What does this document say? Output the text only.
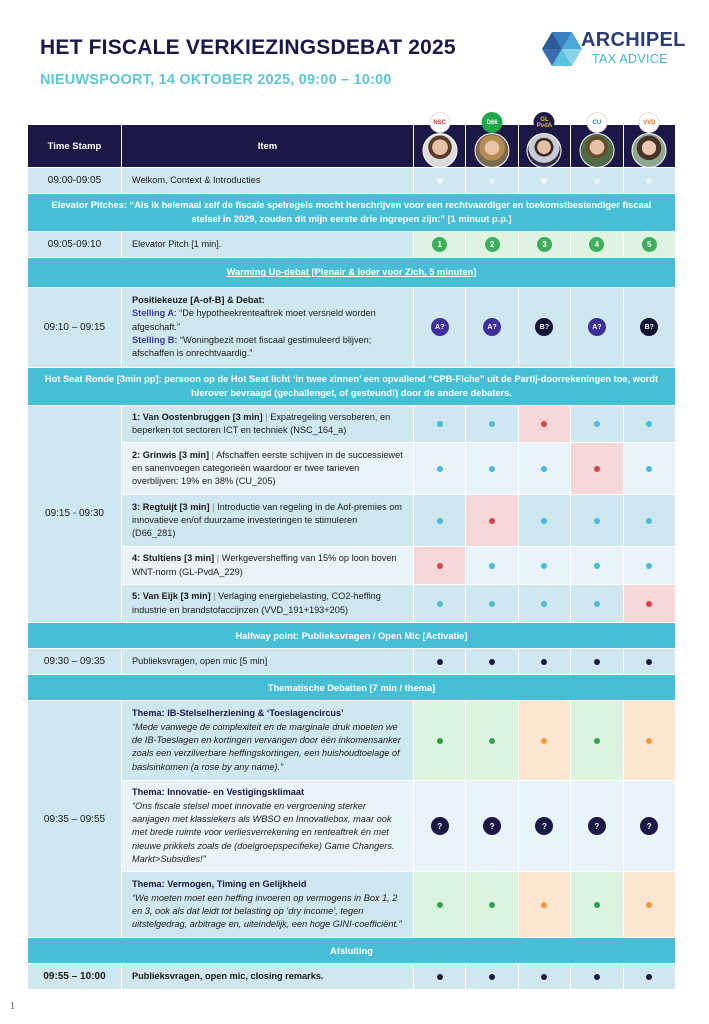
HET FISCALE VERKIEZINGSDEBAT 2025
NIEUWSPOORT, 14 OKTOBER 2025, 09:00 – 10:00
ARCHIPEL
TAX ADVICE
Time Stamp	Item	NSC	D66	GL PvdA	CU	VVD

09:00-09:05	Welkom, Context & Introducties					
Elevator Pitches: “Als ik helemaal zelf de fiscale spelregels mocht herschrijven voor een rechtvaardiger en toekomstbestendiger fiscaal stelsel in 2029, zouden dit mijn eerste drie ingrepen zijn:” [1 minuut p.p.]						
09:05-09:10	Elevator Pitch [1 min].	1	2	3	4	5
Warming Up-debat [Plenair & Ieder voor Zich, 5 minuten]						
09:10 – 09:15	Positiekeuze [A-of-B] & Debat:
Stelling A: “De hypotheekrenteaftrek moet versneld worden afgeschaft.”
Stelling B: “Woningbezit moet fiscaal gestimuleerd blijven; afschaffen is onrechtvaardig.”	A?	A?	B?	A?	B?
Hot Seat Ronde [3min pp]: persoon op de Hot Seat licht ‘in twee zinnen’ een opvallend “CPB-Fiche” uit de Partij-doorrekeningen toe, wordt hierover bevraagd (gechallenget, of gesteund!) door de andere debaters.						
09:15 - 09:30	1: Van Oostenbruggen [3 min] | Expatregeling versoberen, en beperken tot sectoren ICT en techniek (NSC_164_a)					
	2: Grinwis [3 min] | Afschaffen eerste schijven in de successiewet en sanenvoegen categorieën waardoor er twee tarieven overblijven: 19% en 38% (CU_205)					
	3: Regtuijt [3 min] | Introductie van regeling in de Aof-premies om innovatieve en/of duurzame investeringen te stimuleren (D66_281)					
	4: Stultiens [3 min] | Werkgeversheffing van 15% op loon boven WNT-norm (GL-PvdA_229)					
	5: Van Eijk [3 min] | Verlaging energiebelasting, CO2-heffing industrie en brandstofaccijnzen (VVD_191+193+205)					
Halfway point: Publieksvragen / Open Mic [Activatie]						
09:30 – 09:35	Publieksvragen, open mic [5 min]					
Thematische Debatten [7 min / thema]						
09:35 – 09:55	Thema: IB-Stelselherziening & ‘Toeslagencircus’
“Mede vanwege de complexiteit en de marginale druk moeten we de IB-Toeslagen en kortingen vervangen door één inkomensanker zoals een verzilverbare heffingskortingen, een huishoudtoelage of basisinkomen (a rose by any name).”					

	Thema: Innovatie- en Vestigingsklimaat
“Ons fiscale stelsel moet innovatie en vergroening sterker aanjagen met klassiekers als WBSO en Innovatiebox, maar ook met brede ruimte voor verliesverrekening en renteaftrek én met nieuwe prikkels zoals de (doelgroepspecifieke) Game Changers. Markt>Subsidies!”	?	?	?	?	?

	Thema: Vermogen, Timing en Gelijkheid
“We moeten moet een heffing invoeren op vermogens in Box 1, 2 en 3, ook als dat leidt tot belasting op ‘dry income’, tegen uitstelgedrag, arbitrage en, uiteindelijk, een hoge GINI-coefficiënt.”					

Afsluiting						
09:55 – 10:00	Publieksvragen, open mic, closing remarks.					
1
